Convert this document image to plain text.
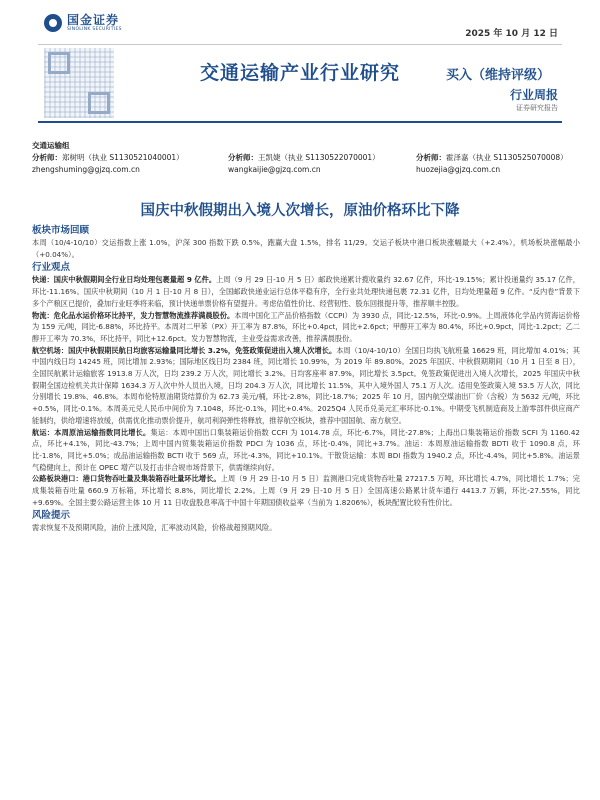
国金证券
SINOLINK SECURITIES	2025 年 10 月 12 日
交通运输产业行业研究	买入（维持评级）
行业周报
证券研究报告
交通运输组
分析师：郑树明（执业 S1130521040001）	分析师：王凯婕（执业 S1130522070001）	分析师：霍泽嘉（执业 S1130525070008）
zhengshuming@gjzq.com.cn	wangkaijie@gjzq.com.cn	huozejia@gjzq.com.cn
国庆中秋假期出入境人次增长，原油价格环比下降
板块市场回顾

本周（10/4-10/10）交运指数上涨 1.0%，沪深 300 指数下跌 0.5%，跑赢大盘 1.5%，排名 11/29。交运子板块中港口板块涨幅最大（+2.4%），机场板块涨幅最小（+0.04%）。

行业观点

快递：国庆中秋假期间全行业日均处理包裹量超 9 亿件。上周（9 月 29 日-10 月 5 日）邮政快递累计揽收量约 32.67 亿件，环比-19.15%；累计投递量约 35.17 亿件，环比-11.16%。国庆中秋期间（10 月 1 日-10 月 8 日），全国邮政快递业运行总体平稳有序，全行业共处理快递包裹 72.31 亿件，日均处理量超 9 亿件。“反内卷”背景下多个产粮区已提价，叠加行业旺季将来临，预计快递单票价格有望提升。考虑估值性价比、经营韧性、股东回报提升等，推荐顺丰控股。

物流：危化品水运价格环比持平，发力智慧物流推荐满晨股份。本周中国化工产品价格指数（CCPI）为 3930 点，同比-12.5%，环比-0.9%。上周液体化学品内贸海运价格为 159 元/吨，同比-6.88%，环比持平。本周对二甲苯（PX）开工率为 87.8%，环比+0.4pct，同比+2.6pct；甲醇开工率为 80.4%，环比+0.9pct，同比-1.2pct；乙二醇开工率为 70.3%，环比持平，同比+12.6pct。发力智慧物流，主业受益需求改善，推荐满晨股份。

航空机场：国庆中秋假期民航日均旅客运输量同比增长 3.2%，免签政策促进出入境人次增长。本周（10/4-10/10）全国日均执飞航班量 16629 班，同比增加 4.01%；其中国内线日均 14245 班，同比增加 2.93%；国际地区线日均 2384 班，同比增长 10.99%，为 2019 年 89.80%。2025 年国庆、中秋假期期间（10 月 1 日至 8 日），全国民航累计运输旅客 1913.8 万人次，日均 239.2 万人次，同比增长 3.2%。日均客座率 87.9%，同比增长 3.5pct。免签政策促进出入境人次增长，2025 年国庆中秋假期全国边检机关共计保障 1634.3 万人次中外人员出入境，日均 204.3 万人次，同比增长 11.5%，其中入境外国人 75.1 万人次。适用免签政策入境 53.5 万人次，同比分别增长 19.8%、46.8%。本周布伦特原油期货结算价为 62.73 美元/桶，环比-2.8%，同比-18.7%；2025 年 10 月，国内航空煤油出厂价（含税）为 5632 元/吨，环比+0.5%，同比-0.1%。本周美元兑人民币中间价为 7.1048，环比-0.1%，同比+0.4%。2025Q4 人民币兑美元汇率环比-0.1%。中期受飞机制造商及上游零部件供应商产能制约，供给增速将放缓，供需优化推动票价提升，航司利润弹性将释放，推荐航空板块，推荐中国国航、南方航空。

航运：本周原油运输指数同比增长。集运：本周中国出口集装箱运价指数 CCFI 为 1014.78 点，环比-6.7%，同比-27.8%；上海出口集装箱运价指数 SCFI 为 1160.42 点，环比+4.1%，同比-43.7%；上周中国内贸集装箱运价指数 PDCI 为 1036 点，环比-0.4%，同比+3.7%。油运：本周原油运输指数 BDTI 收于 1090.8 点，环比-1.8%，同比+5.0%；成品油运输指数 BCTI 收于 569 点，环比-4.3%，同比+10.1%。干散货运输：本周 BDI 指数为 1940.2 点，环比-4.4%，同比+5.8%。油运景气稳健向上，预计在 OPEC 增产以及打击非合规市场背景下，供需继续向好。

公路板块港口：港口货物吞吐量及集装箱吞吐量环比增长。上周（9 月 29 日-10 月 5 日）监测港口完成货物吞吐量 27217.5 万吨，环比增长 4.7%，同比增长 1.7%；完成集装箱吞吐量 660.9 万标箱，环比增长 8.8%，同比增长 2.2%。上周（9 月 29 日-10 月 5 日）全国高速公路累计货车通行 4413.7 万辆，环比-27.55%，同比+9.69%。全国主要公路运营主体 10 月 11 日收盘股息率高于中国十年期国债收益率（当前为 1.8206%），板块配置比较有性价比。

风险提示

需求恢复不及预期风险，油价上涨风险，汇率波动风险，价格战超预期风险。
